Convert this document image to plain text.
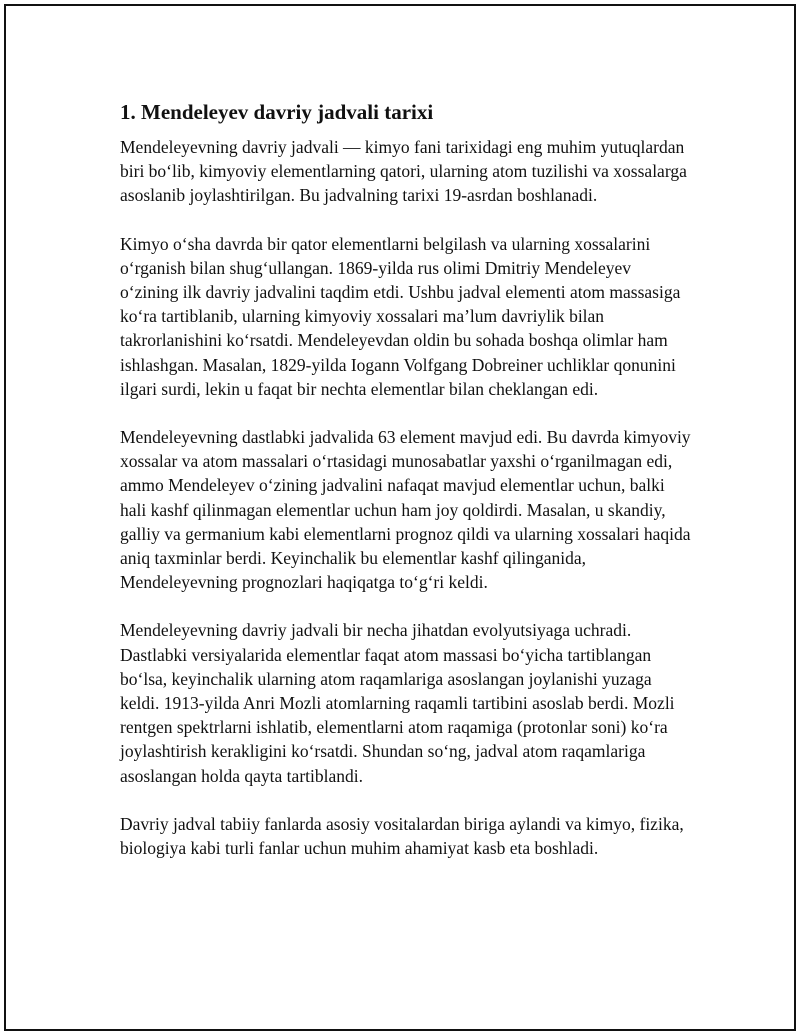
1. Mendeleyev davriy jadvali tarixi

Mendeleyevning davriy jadvali — kimyo fani tarixidagi eng muhim yutuqlardan biri bo‘lib, kimyoviy elementlarning qatori, ularning atom tuzilishi va xossalarga asoslanib joylashtirilgan. Bu jadvalning tarixi 19-asrdan boshlanadi.

Kimyo o‘sha davrda bir qator elementlarni belgilash va ularning xossalarini o‘rganish bilan shug‘ullangan. 1869-yilda rus olimi Dmitriy Mendeleyev o‘zining ilk davriy jadvalini taqdim etdi. Ushbu jadval elementi atom massasiga ko‘ra tartiblanib, ularning kimyoviy xossalari ma’lum davriylik bilan takrorlanishini ko‘rsatdi. Mendeleyevdan oldin bu sohada boshqa olimlar ham ishlashgan. Masalan, 1829-yilda Iogann Volfgang Dobreiner uchliklar qonunini ilgari surdi, lekin u faqat bir nechta elementlar bilan cheklangan edi.

Mendeleyevning dastlabki jadvalida 63 element mavjud edi. Bu davrda kimyoviy xossalar va atom massalari o‘rtasidagi munosabatlar yaxshi o‘rganilmagan edi, ammo Mendeleyev o‘zining jadvalini nafaqat mavjud elementlar uchun, balki hali kashf qilinmagan elementlar uchun ham joy qoldirdi. Masalan, u skandiy, galliy va germanium kabi elementlarni prognoz qildi va ularning xossalari haqida aniq taxminlar berdi. Keyinchalik bu elementlar kashf qilinganida, Mendeleyevning prognozlari haqiqatga to‘g‘ri keldi.

Mendeleyevning davriy jadvali bir necha jihatdan evolyutsiyaga uchradi. Dastlabki versiyalarida elementlar faqat atom massasi bo‘yicha tartiblangan bo‘lsa, keyinchalik ularning atom raqamlariga asoslangan joylanishi yuzaga keldi. 1913-yilda Anri Mozli atomlarning raqamli tartibini asoslab berdi. Mozli rentgen spektrlarni ishlatib, elementlarni atom raqamiga (protonlar soni) ko‘ra joylashtirish kerakligini ko‘rsatdi. Shundan so‘ng, jadval atom raqamlariga asoslangan holda qayta tartiblandi.

Davriy jadval tabiiy fanlarda asosiy vositalardan biriga aylandi va kimyo, fizika, biologiya kabi turli fanlar uchun muhim ahamiyat kasb eta boshladi.
